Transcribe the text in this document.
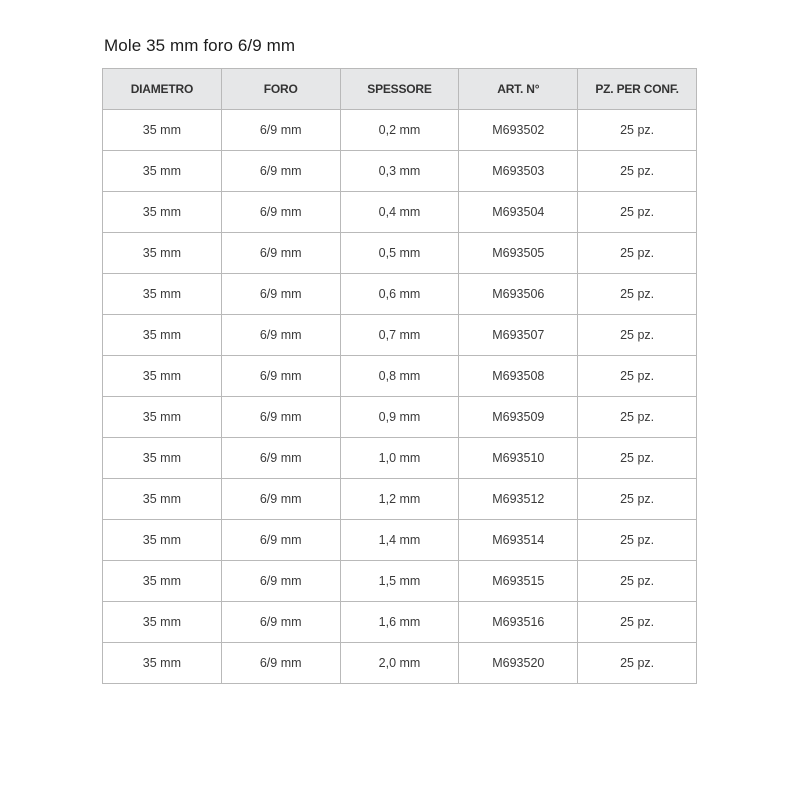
Mole 35 mm foro 6/9 mm
DIAMETRO	FORO	SPESSORE	ART. N°	PZ. PER CONF.
35 mm	6/9 mm	0,2 mm	M693502	25 pz.
35 mm	6/9 mm	0,3 mm	M693503	25 pz.
35 mm	6/9 mm	0,4 mm	M693504	25 pz.
35 mm	6/9 mm	0,5 mm	M693505	25 pz.
35 mm	6/9 mm	0,6 mm	M693506	25 pz.
35 mm	6/9 mm	0,7 mm	M693507	25 pz.
35 mm	6/9 mm	0,8 mm	M693508	25 pz.
35 mm	6/9 mm	0,9 mm	M693509	25 pz.
35 mm	6/9 mm	1,0 mm	M693510	25 pz.
35 mm	6/9 mm	1,2 mm	M693512	25 pz.
35 mm	6/9 mm	1,4 mm	M693514	25 pz.
35 mm	6/9 mm	1,5 mm	M693515	25 pz.
35 mm	6/9 mm	1,6 mm	M693516	25 pz.
35 mm	6/9 mm	2,0 mm	M693520	25 pz.
